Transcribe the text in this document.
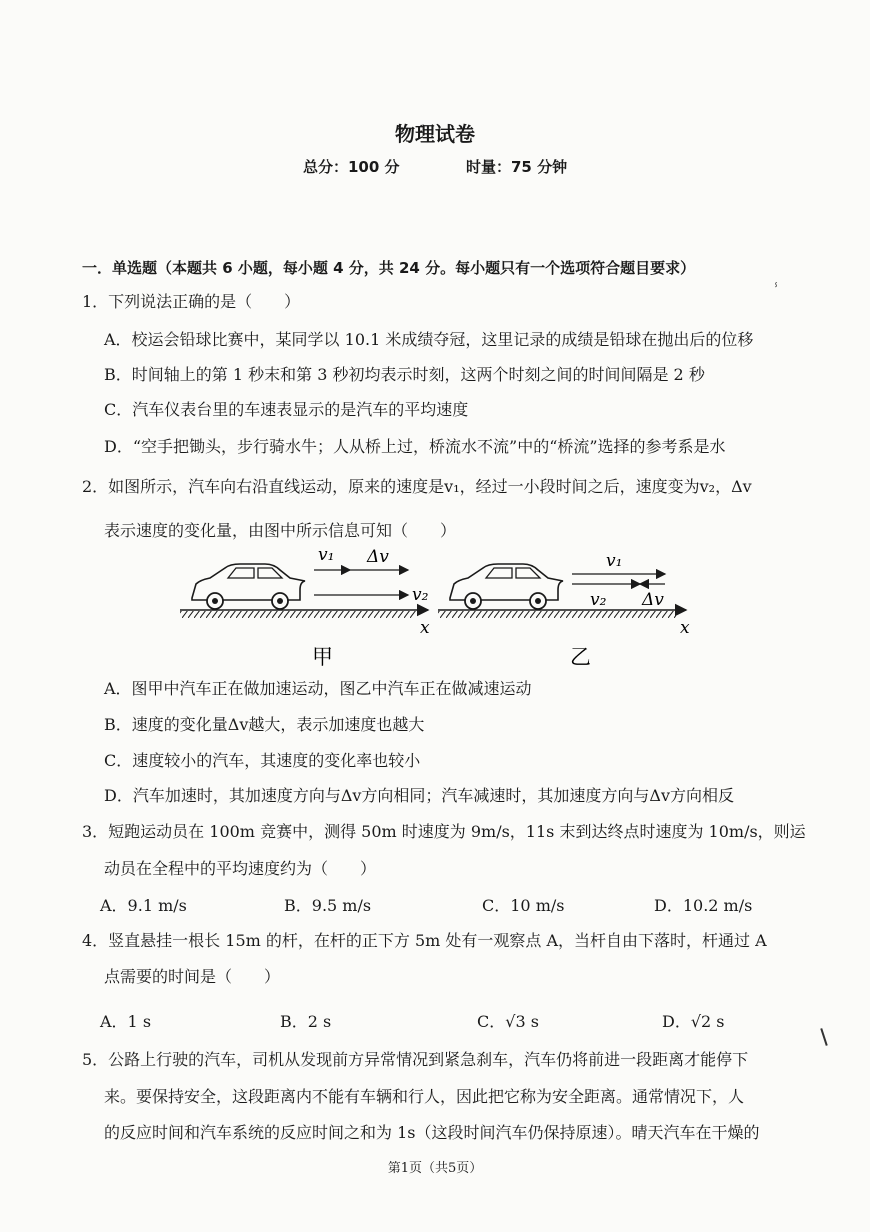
物理试卷
总分：100 分	时量：75 分钟
一．单选题（本题共 6 小题，每小题 4 分，共 24 分。每小题只有一个选项符合题目要求）
1．下列说法正确的是（　　）
A．校运会铅球比赛中，某同学以 10.1 米成绩夺冠，这里记录的成绩是铅球在抛出后的位移
B．时间轴上的第 1 秒末和第 3 秒初均表示时刻，这两个时刻之间的时间间隔是 2 秒
C．汽车仪表台里的车速表显示的是汽车的平均速度
D．“空手把锄头，步行骑水牛；人从桥上过，桥流水不流”中的“桥流”选择的参考系是水
2．如图所示，汽车向右沿直线运动，原来的速度是v₁，经过一小段时间之后，速度变为v₂，Δv
表示速度的变化量，由图中所示信息可知（　　）
v₁ Δv
v₂
x
v₁
v₂ Δv
x
甲	乙
A．图甲中汽车正在做加速运动，图乙中汽车正在做减速运动
B．速度的变化量Δv越大，表示加速度也越大
C．速度较小的汽车，其速度的变化率也较小
D．汽车加速时，其加速度方向与Δv方向相同；汽车减速时，其加速度方向与Δv方向相反
3．短跑运动员在 100m 竞赛中，测得 50m 时速度为 9m/s，11s 末到达终点时速度为 10m/s，则运
动员在全程中的平均速度约为（　　）
A．9.1 m/s	B．9.5 m/s	C．10 m/s	D．10.2 m/s
4．竖直悬挂一根长 15m 的杆，在杆的正下方 5m 处有一观察点 A，当杆自由下落时，杆通过 A
点需要的时间是（　　）
A．1 s	B．2 s	C．√3 s	D．√2 s
5．公路上行驶的汽车，司机从发现前方异常情况到紧急刹车，汽车仍将前进一段距离才能停下
来。要保持安全，这段距离内不能有车辆和行人，因此把它称为安全距离。通常情况下，人
的反应时间和汽车系统的反应时间之和为 1s（这段时间汽车仍保持原速）。晴天汽车在干燥的
ⸯ
第1页（共5页）
